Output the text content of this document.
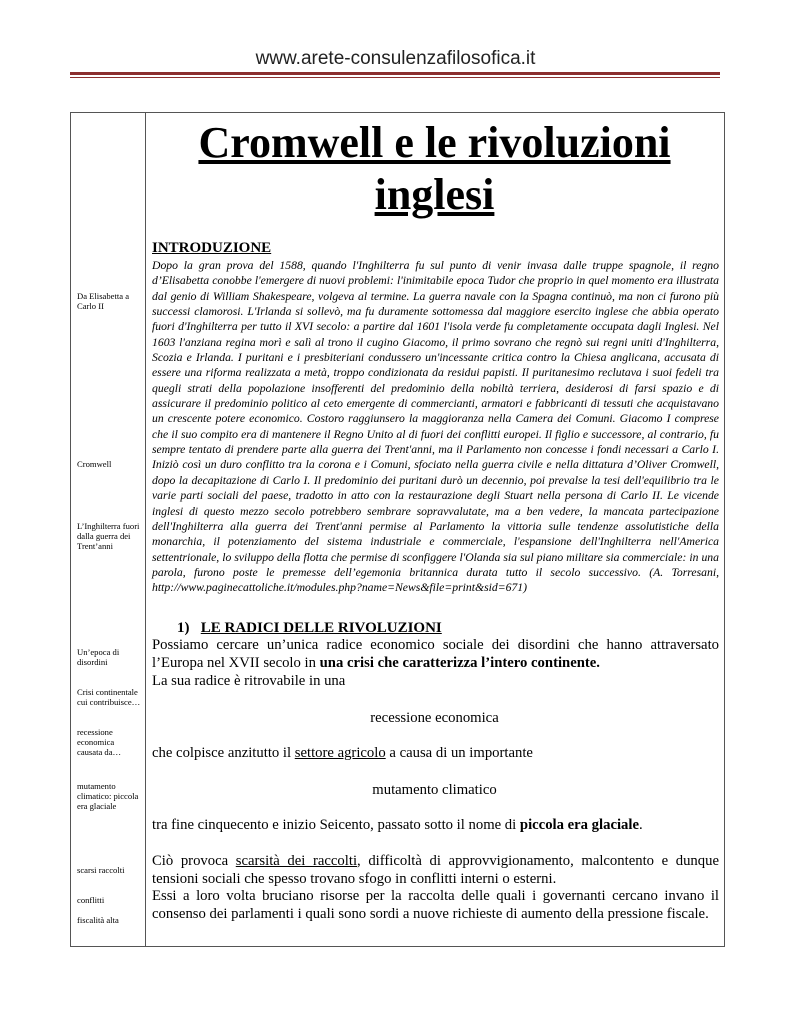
www.arete-consulenzafilosofica.it
Da Elisabetta a Carlo II
Cromwell
L’Inghilterra fuori dalla guerra dei Trent’anni
Un’epoca di disordini
Crisi continentale cui contribuisce…
recessione economica causata da…
mutamento climatico: piccola era glaciale
scarsi raccolti
conflitti
fiscalità alta
Cromwell e le rivoluzioni inglesi
INTRODUZIONE
Dopo la gran prova del 1588, quando l'Inghilterra fu sul punto di venir invasa dalle truppe spagnole, il regno d’Elisabetta conobbe l'emergere di nuovi problemi: l'inimitabile epoca Tudor che proprio in quel momento era illustrata dal genio di William Shakespeare, volgeva al termine. La guerra navale con la Spagna continuò, ma non ci furono più successi clamorosi. L'Irlanda si sollevò, ma fu duramente sottomessa dal maggiore esercito inglese che abbia operato fuori d'Inghilterra per tutto il XVI secolo: a partire dal 1601 l'isola verde fu completamente occupata dagli Inglesi. Nel 1603 l'anziana regina morì e salì al trono il cugino Giacomo, il primo sovrano che regnò sui regni uniti d'Inghilterra, Scozia e Irlanda. I puritani e i presbiteriani condussero un'incessante critica contro la Chiesa anglicana, accusata di essere una riforma realizzata a metà, troppo condizionata da residui papisti. Il puritanesimo reclutava i suoi fedeli tra quegli strati della popolazione insofferenti del predominio della nobiltà terriera, desiderosi di farsi spazio e di assicurare il predominio politico al ceto emergente di commercianti, armatori e fabbricanti di tessuti che acquistavano un crescente potere economico. Costoro raggiunsero la maggioranza nella Camera dei Comuni. Giacomo I comprese che il suo compito era di mantenere il Regno Unito al di fuori dei conflitti europei. Il figlio e successore, al contrario, fu sempre tentato di prendere parte alla guerra dei Trent'anni, ma il Parlamento non concesse i fondi necessari a Carlo I. Iniziò così un duro conflitto tra la corona e i Comuni, sfociato nella guerra civile e nella dittatura d’Oliver Cromwell, dopo la decapitazione di Carlo I. Il predominio dei puritani durò un decennio, poi prevalse la tesi dell'equilibrio tra le varie parti sociali del paese, tradotto in atto con la restaurazione degli Stuart nella persona di Carlo II. Le vicende inglesi di questo mezzo secolo potrebbero sembrare sopravvalutate, ma a ben vedere, la mancata partecipazione dell'Inghilterra alla guerra dei Trent'anni permise al Parlamento la vittoria sulle tendenze assolutistiche della monarchia, il potenziamento del sistema industriale e commerciale, l'espansione dell'Inghilterra nell'America settentrionale, lo sviluppo della flotta che permise di sconfiggere l'Olanda sia sul piano militare sia commerciale: in una parola, furono poste le premesse dell’egemonia britannica durata tutto il secolo successivo. (A. Torresani, http://www.paginecattoliche.it/modules.php?name=News&file=print&sid=671)
1) LE RADICI DELLE RIVOLUZIONI
Possiamo cercare un’unica radice economico sociale dei disordini che hanno attraversato l’Europa nel XVII secolo in una crisi che caratterizza l’intero continente.
La sua radice è ritrovabile in una
recessione economica
che colpisce anzitutto il settore agricolo a causa di un importante
mutamento climatico
tra fine cinquecento e inizio Seicento, passato sotto il nome di piccola era glaciale.
Ciò provoca scarsità dei raccolti, difficoltà di approvvigionamento, malcontento e dunque tensioni sociali che spesso trovano sfogo in conflitti interni o esterni.
Essi a loro volta bruciano risorse per la raccolta delle quali i governanti cercano invano il consenso dei parlamenti i quali sono sordi a nuove richieste di aumento della pressione fiscale.
